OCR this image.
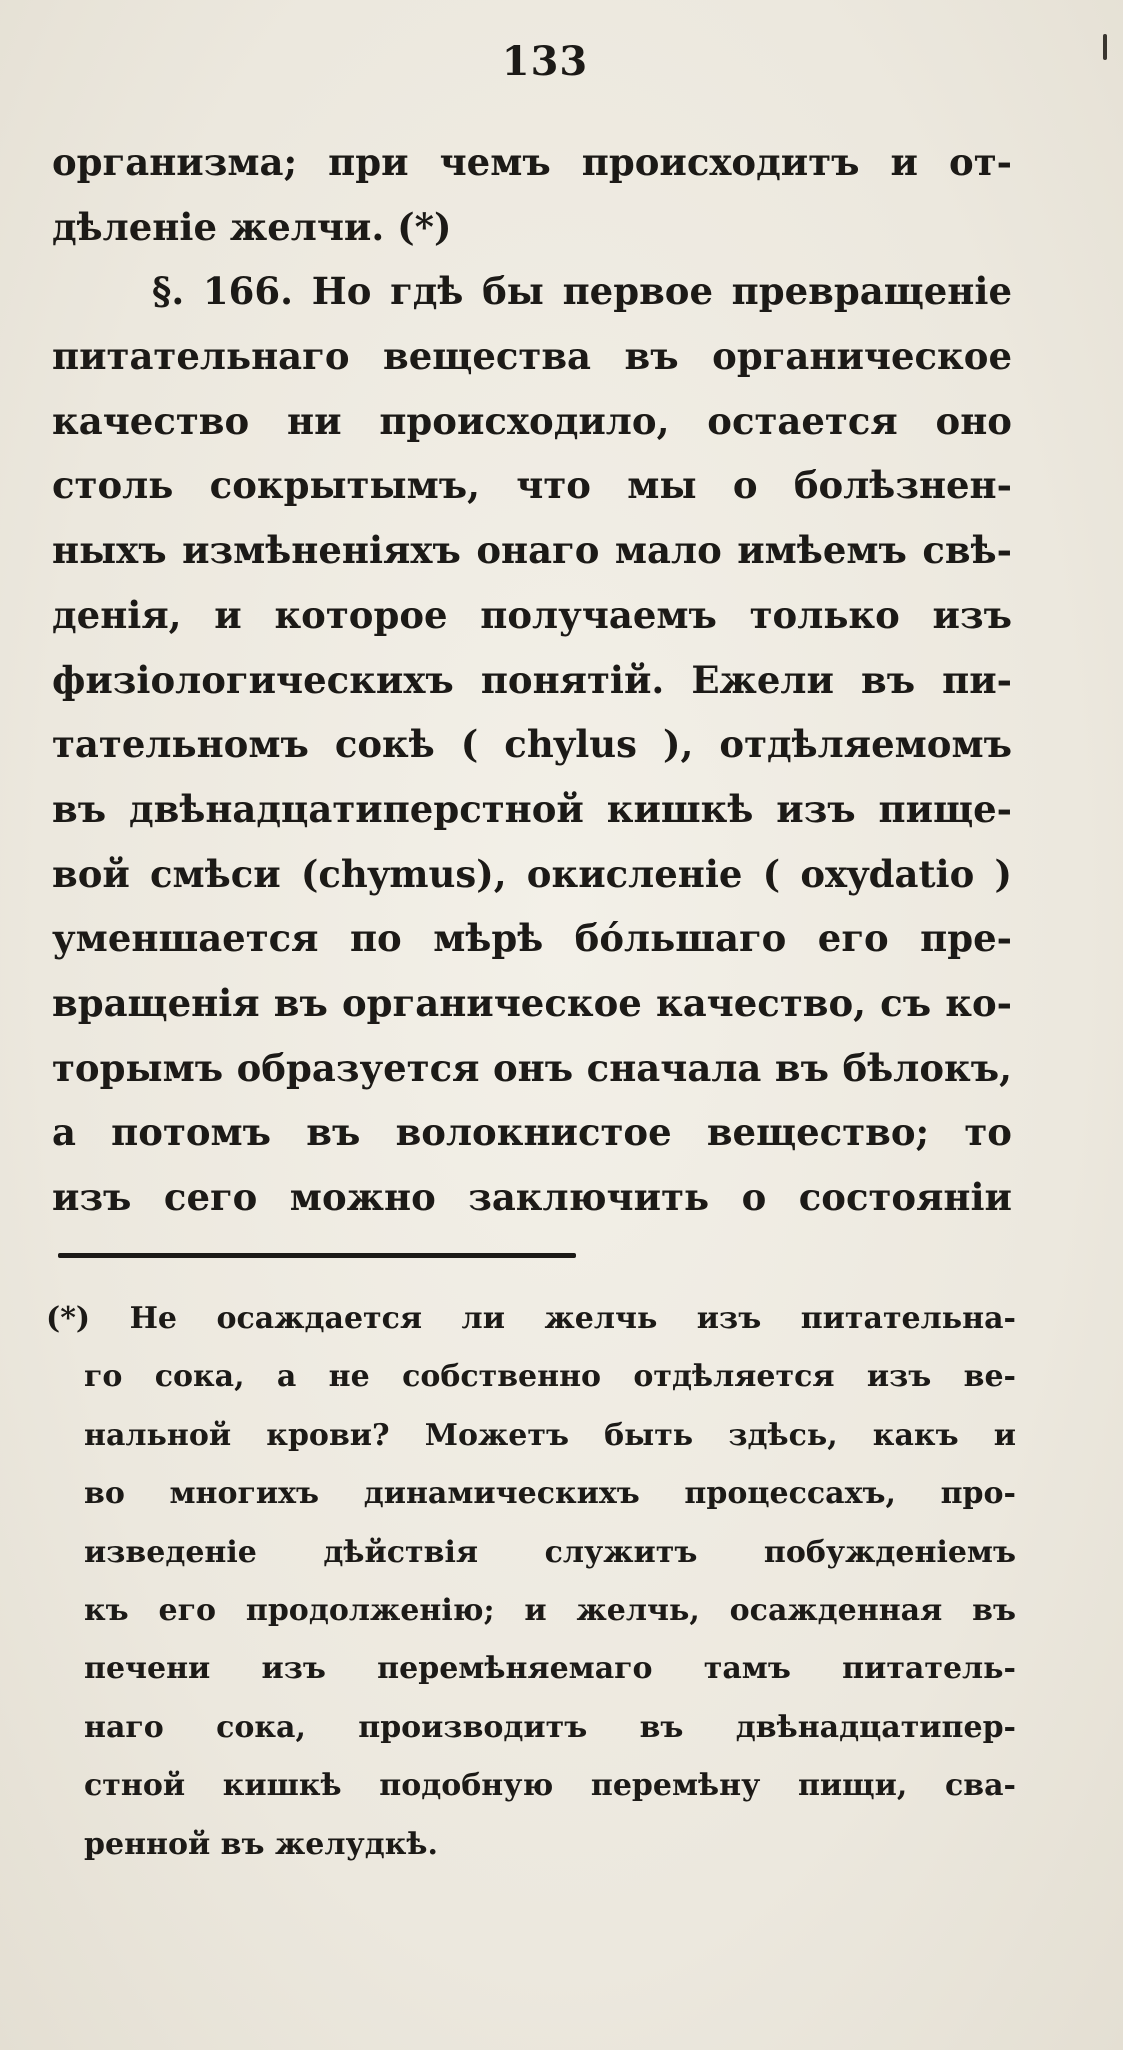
133
организма; при чемъ происходитъ и от-
дѣленіе желчи. (*)
§. 166. Но гдѣ бы первое превращеніе
питательнаго вещества въ органическое
качество ни происходило, остается оно
столь сокрытымъ, что мы о болѣзнен-
ныхъ измѣненіяхъ онаго мало имѣемъ свѣ-
денія, и которое получаемъ только изъ
физіологическихъ понятій. Ежели въ пи-
тательномъ сокѣ ( chylus ), отдѣляемомъ
въ двѣнадцатиперстной кишкѣ изъ пище-
вой смѣси (chymus), окисленіе ( oxydatio )
уменшается по мѣрѣ бо́льшаго его пре-
вращенія въ органическое качество, съ ко-
торымъ образуется онъ сначала въ бѣлокъ,
а потомъ въ волокнистое вещество; то
изъ сего можно заключить о состояніи
(*) Не осаждается ли желчь изъ питательна-
го сока, а не собственно отдѣляется изъ ве-
нальной крови? Можетъ быть здѣсь, какъ и
во многихъ динамическихъ процессахъ, про-
изведеніе дѣйствія служитъ побужденіемъ
къ его продолженію; и желчь, осажденная въ
печени изъ перемѣняемаго тамъ питатель-
наго сока, производитъ въ двѣнадцатипер-
стной кишкѣ подобную перемѣну пищи, сва-
ренной въ желудкѣ.
